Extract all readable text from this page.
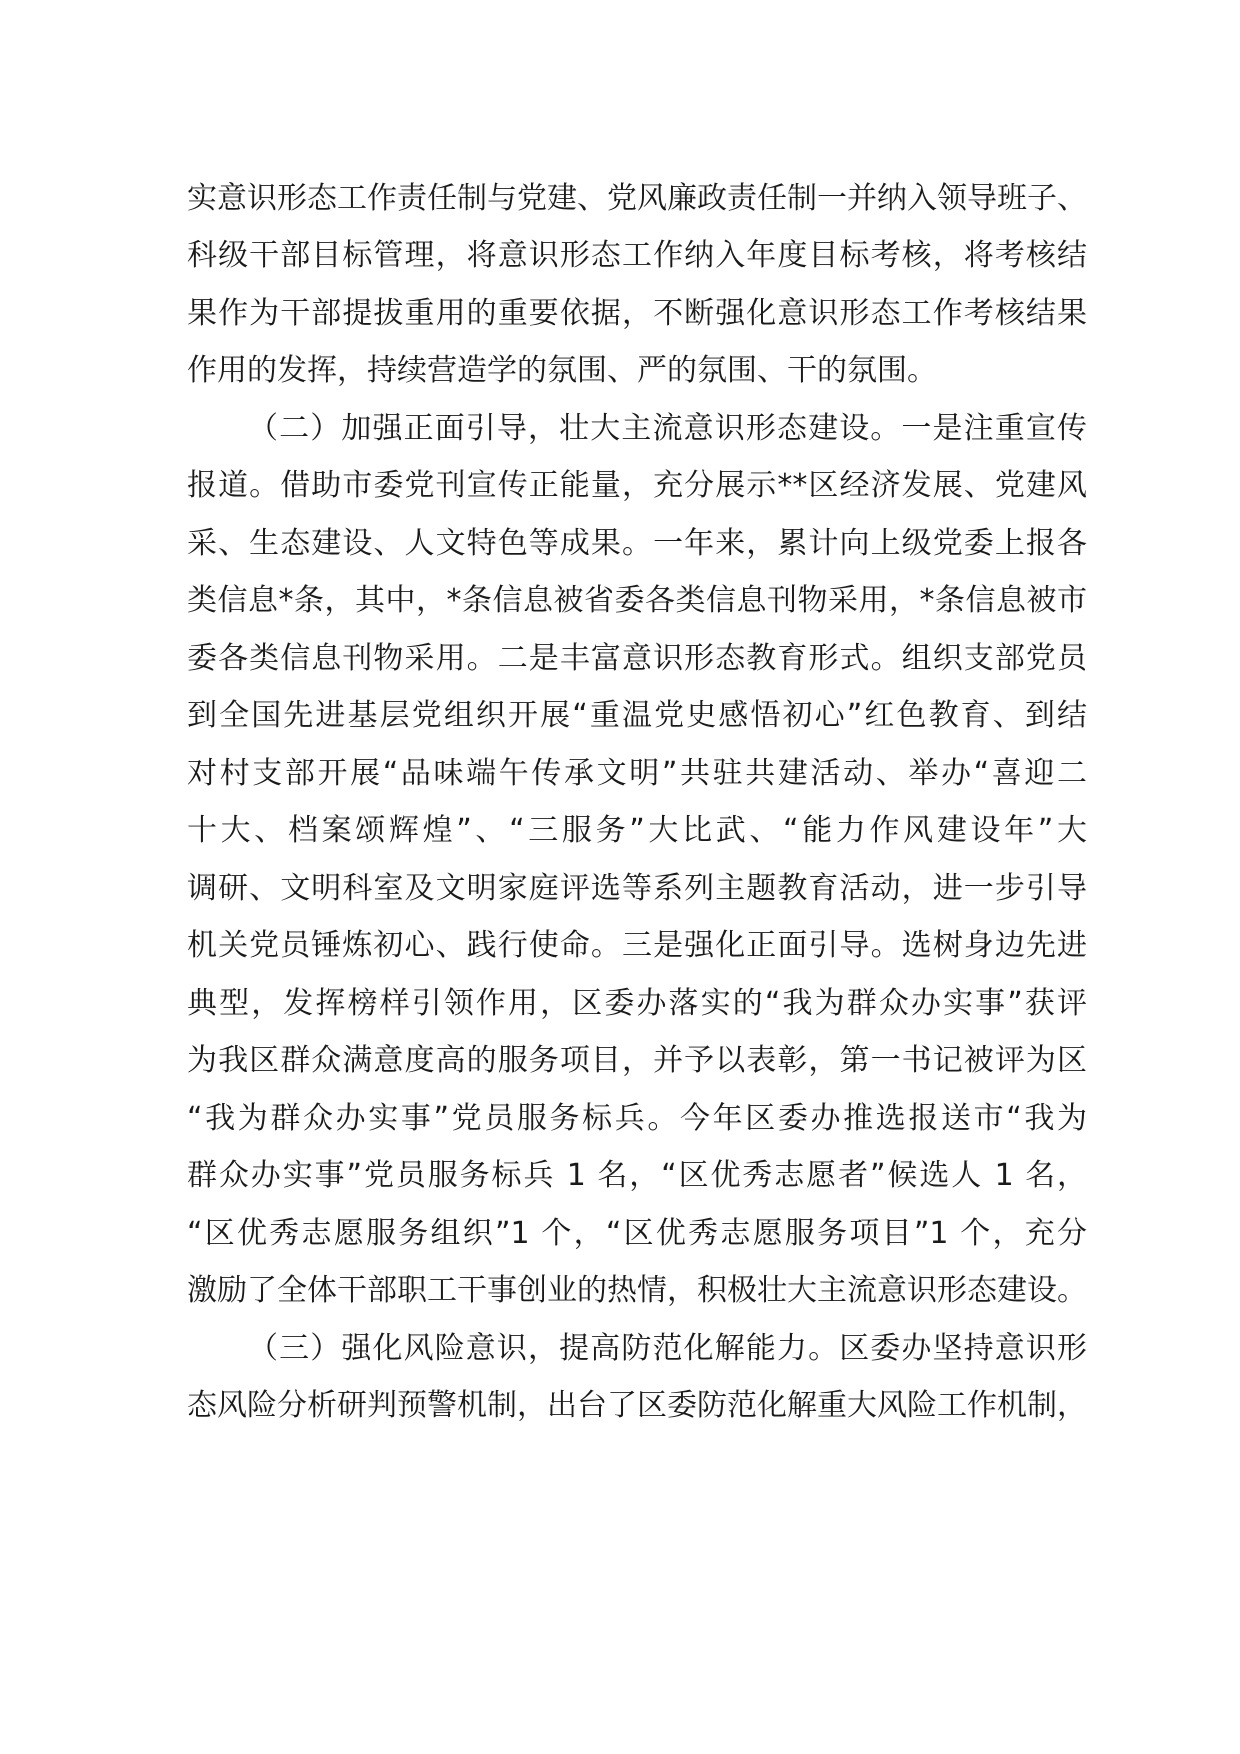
实意识形态工作责任制与党建、党风廉政责任制一并纳入领导班子、
科级干部目标管理，将意识形态工作纳入年度目标考核，将考核结
果作为干部提拔重用的重要依据，不断强化意识形态工作考核结果
作用的发挥，持续营造学的氛围、严的氛围、干的氛围。
（二）加强正面引导，壮大主流意识形态建设。一是注重宣传
报道。借助市委党刊宣传正能量，充分展示**区经济发展、党建风
采、生态建设、人文特色等成果。一年来，累计向上级党委上报各
类信息*条，其中，*条信息被省委各类信息刊物采用，*条信息被市
委各类信息刊物采用。二是丰富意识形态教育形式。组织支部党员
到全国先进基层党组织开展“重温党史感悟初心”红色教育、到结
对村支部开展“品味端午传承文明”共驻共建活动、举办“喜迎二
十大、档案颂辉煌”、“三服务”大比武、“能力作风建设年”大
调研、文明科室及文明家庭评选等系列主题教育活动，进一步引导
机关党员锤炼初心、践行使命。三是强化正面引导。选树身边先进
典型，发挥榜样引领作用，区委办落实的“我为群众办实事”获评
为我区群众满意度高的服务项目，并予以表彰，第一书记被评为区
“我为群众办实事”党员服务标兵。今年区委办推选报送市“我为
群众办实事”党员服务标兵 1 名，“区优秀志愿者”候选人 1 名，
“区优秀志愿服务组织”1 个，“区优秀志愿服务项目”1 个，充分
激励了全体干部职工干事创业的热情，积极壮大主流意识形态建设。
（三）强化风险意识，提高防范化解能力。区委办坚持意识形
态风险分析研判预警机制，出台了区委防范化解重大风险工作机制，
